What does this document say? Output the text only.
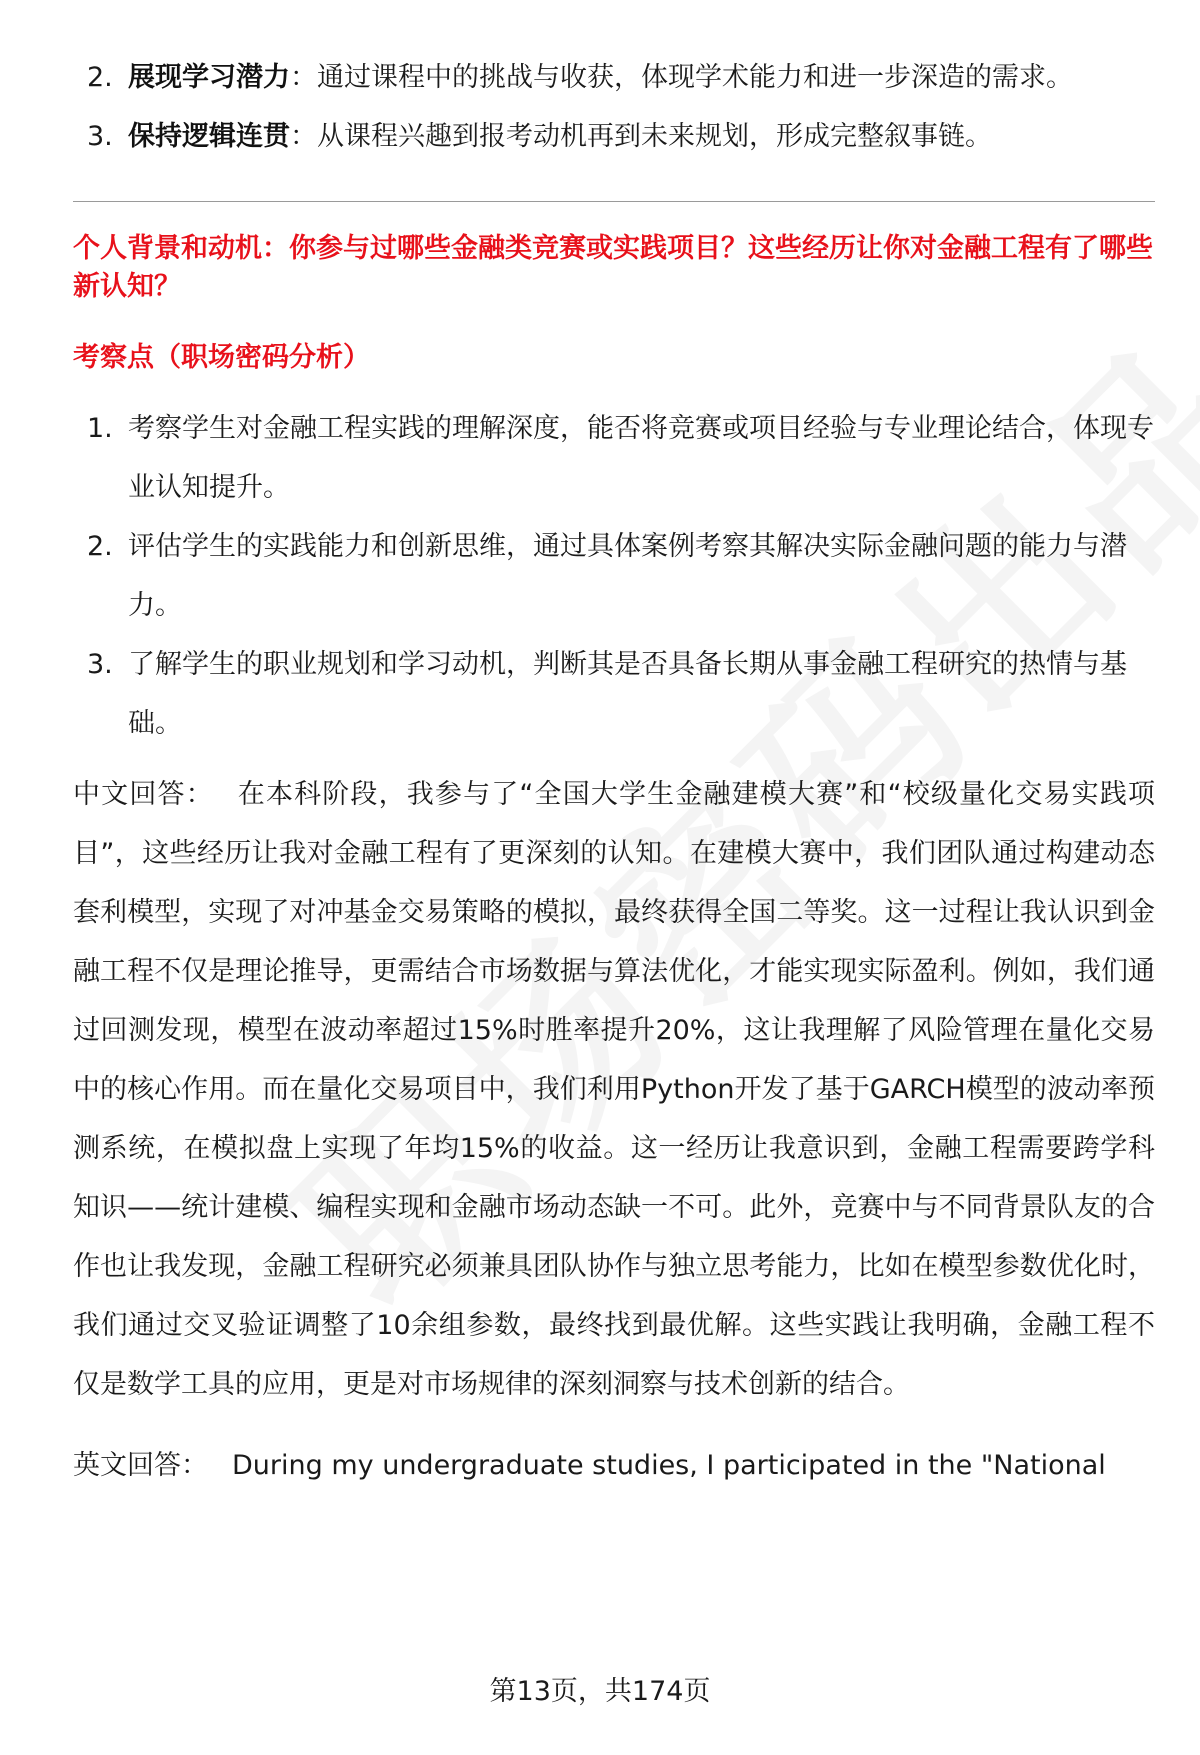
2. 展现学习潜力：通过课程中的挑战与收获，体现学术能力和进一步深造的需求。
3. 保持逻辑连贯：从课程兴趣到报考动机再到未来规划，形成完整叙事链。

个人背景和动机：你参与过哪些金融类竞赛或实践项目？这些经历让你对金融工程有了哪些新认知？

考察点（职场密码分析）

1. 考察学生对金融工程实践的理解深度，能否将竞赛或项目经验与专业理论结合，体现专业认知提升。
2. 评估学生的实践能力和创新思维，通过具体案例考察其解决实际金融问题的能力与潜力。
3. 了解学生的职业规划和学习动机，判断其是否具备长期从事金融工程研究的热情与基础。

中文回答： 在本科阶段，我参与了“全国大学生金融建模大赛”和“校级量化交易实践项目”，这些经历让我对金融工程有了更深刻的认知。在建模大赛中，我们团队通过构建动态套利模型，实现了对冲基金交易策略的模拟，最终获得全国二等奖。这一过程让我认识到金融工程不仅是理论推导，更需结合市场数据与算法优化，才能实现实际盈利。例如，我们通过回测发现，模型在波动率超过15%时胜率提升20%，这让我理解了风险管理在量化交易中的核心作用。而在量化交易项目中，我们利用Python开发了基于GARCH模型的波动率预测系统，在模拟盘上实现了年均15%的收益。这一经历让我意识到，金融工程需要跨学科知识——统计建模、编程实现和金融市场动态缺一不可。此外，竞赛中与不同背景队友的合作也让我发现，金融工程研究必须兼具团队协作与独立思考能力，比如在模型参数优化时，我们通过交叉验证调整了10余组参数，最终找到最优解。这些实践让我明确，金融工程不仅是数学工具的应用，更是对市场规律的深刻洞察与技术创新的结合。

英文回答： During my undergraduate studies, I participated in the "National

第13页，共174页
